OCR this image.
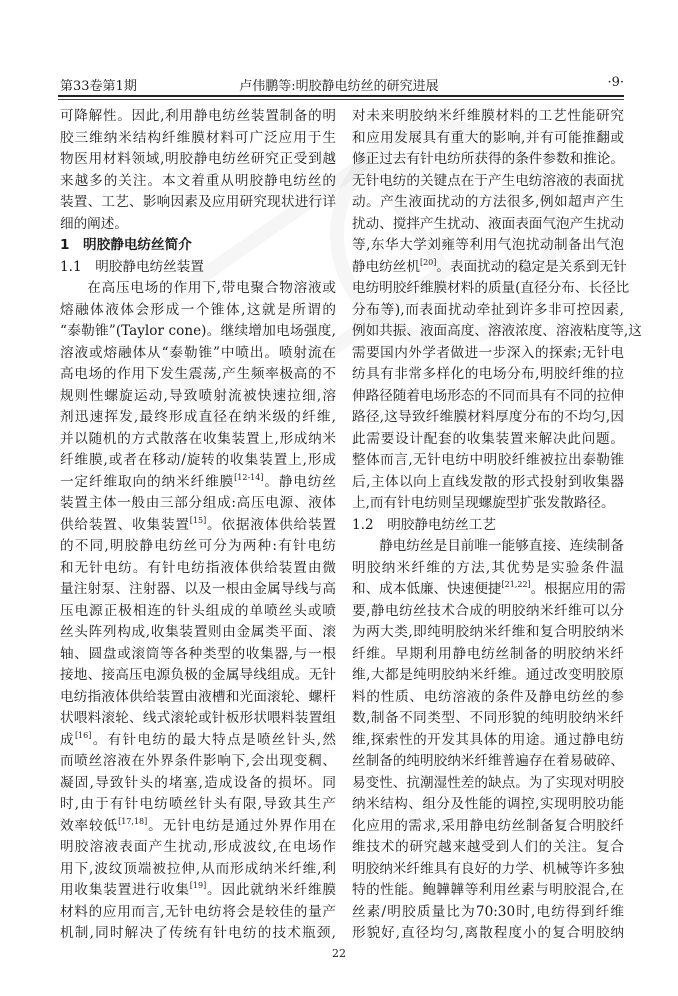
第33卷第1期	卢伟鹏等:明胶静电纺丝的研究进展	·9·
可降解性。因此,利用静电纺丝装置制备的明
胶三维纳米结构纤维膜材料可广泛应用于生
物医用材料领域,明胶静电纺丝研究正受到越
来越多的关注。本文着重从明胶静电纺丝的
装置、工艺、影响因素及应用研究现状进行详
细的阐述。
1　明胶静电纺丝简介
1.1　明胶静电纺丝装置
在高压电场的作用下,带电聚合物溶液或
熔融体液体会形成一个锥体,这就是所谓的
“泰勒锥”(Taylor cone)。继续增加电场强度,
溶液或熔融体从“泰勒锥”中喷出。喷射流在
高电场的作用下发生震荡,产生频率极高的不
规则性螺旋运动,导致喷射流被快速拉细,溶
剂迅速挥发,最终形成直径在纳米级的纤维,
并以随机的方式散落在收集装置上,形成纳米
纤维膜,或者在移动/旋转的收集装置上,形成
一定纤维取向的纳米纤维膜[12-14]。静电纺丝
装置主体一般由三部分组成:高压电源、液体
供给装置、收集装置[15]。依据液体供给装置
的不同,明胶静电纺丝可分为两种:有针电纺
和无针电纺。有针电纺指液体供给装置由微
量注射泵、注射器、以及一根由金属导线与高
压电源正极相连的针头组成的单喷丝头或喷
丝头阵列构成,收集装置则由金属类平面、滚
轴、圆盘或滚筒等各种类型的收集器,与一根
接地、接高压电源负极的金属导线组成。无针
电纺指液体供给装置由液槽和光面滚轮、螺杆
状喂料滚轮、线式滚轮或针板形状喂料装置组
成[16]。有针电纺的最大特点是喷丝针头,然
而喷丝溶液在外界条件影响下,会出现变稠、
凝固,导致针头的堵塞,造成设备的损坏。同
时,由于有针电纺喷丝针头有限,导致其生产
效率较低[17,18]。无针电纺是通过外界作用在
明胶溶液表面产生扰动,形成波纹,在电场作
用下,波纹顶端被拉伸,从而形成纳米纤维,利
用收集装置进行收集[19]。因此就纳米纤维膜
材料的应用而言,无针电纺将会是较佳的量产
机制,同时解决了传统有针电纺的技术瓶颈,
对未来明胶纳米纤维膜材料的工艺性能研究
和应用发展具有重大的影响,并有可能推翻或
修正过去有针电纺所获得的条件参数和推论。
无针电纺的关键点在于产生电纺溶液的表面扰
动。产生液面扰动的方法很多,例如超声产生
扰动、搅拌产生扰动、液面表面气泡产生扰动
等,东华大学刘雍等利用气泡扰动制备出气泡
静电纺丝机[20]。表面扰动的稳定是关系到无针
电纺明胶纤维膜材料的质量(直径分布、长径比
分布等),而表面扰动牵扯到许多非可控因素,
例如共振、液面高度、溶液浓度、溶液粘度等,这
需要国内外学者做进一步深入的探索;无针电
纺具有非常多样化的电场分布,明胶纤维的拉
伸路径随着电场形态的不同而具有不同的拉伸
路径,这导致纤维膜材料厚度分布的不均匀,因
此需要设计配套的收集装置来解决此问题。
整体而言,无针电纺中明胶纤维被拉出泰勒锥
后,主体以向上直线发散的形式投射到收集器
上,而有针电纺则呈现螺旋型扩张发散路径。
1.2　明胶静电纺丝工艺
静电纺丝是目前唯一能够直接、连续制备
明胶纳米纤维的方法,其优势是实验条件温
和、成本低廉、快速便捷[21,22]。根据应用的需
要,静电纺丝技术合成的明胶纳米纤维可以分
为两大类,即纯明胶纳米纤维和复合明胶纳米
纤维。早期利用静电纺丝制备的明胶纳米纤
维,大都是纯明胶纳米纤维。通过改变明胶原
料的性质、电纺溶液的条件及静电纺丝的参
数,制备不同类型、不同形貌的纯明胶纳米纤
维,探索性的开发其具体的用途。通过静电纺
丝制备的纯明胶纳米纤维普遍存在着易破碎、
易变性、抗潮湿性差的缺点。为了实现对明胶
纳米结构、组分及性能的调控,实现明胶功能
化应用的需求,采用静电纺丝制备复合明胶纤
维技术的研究越来越受到人们的关注。复合
明胶纳米纤维具有良好的力学、机械等许多独
特的性能。鲍韡韡等利用丝素与明胶混合,在
丝素/明胶质量比为70:30时,电纺得到纤维
形貌好,直径均匀,离散程度小的复合明胶纳
22
